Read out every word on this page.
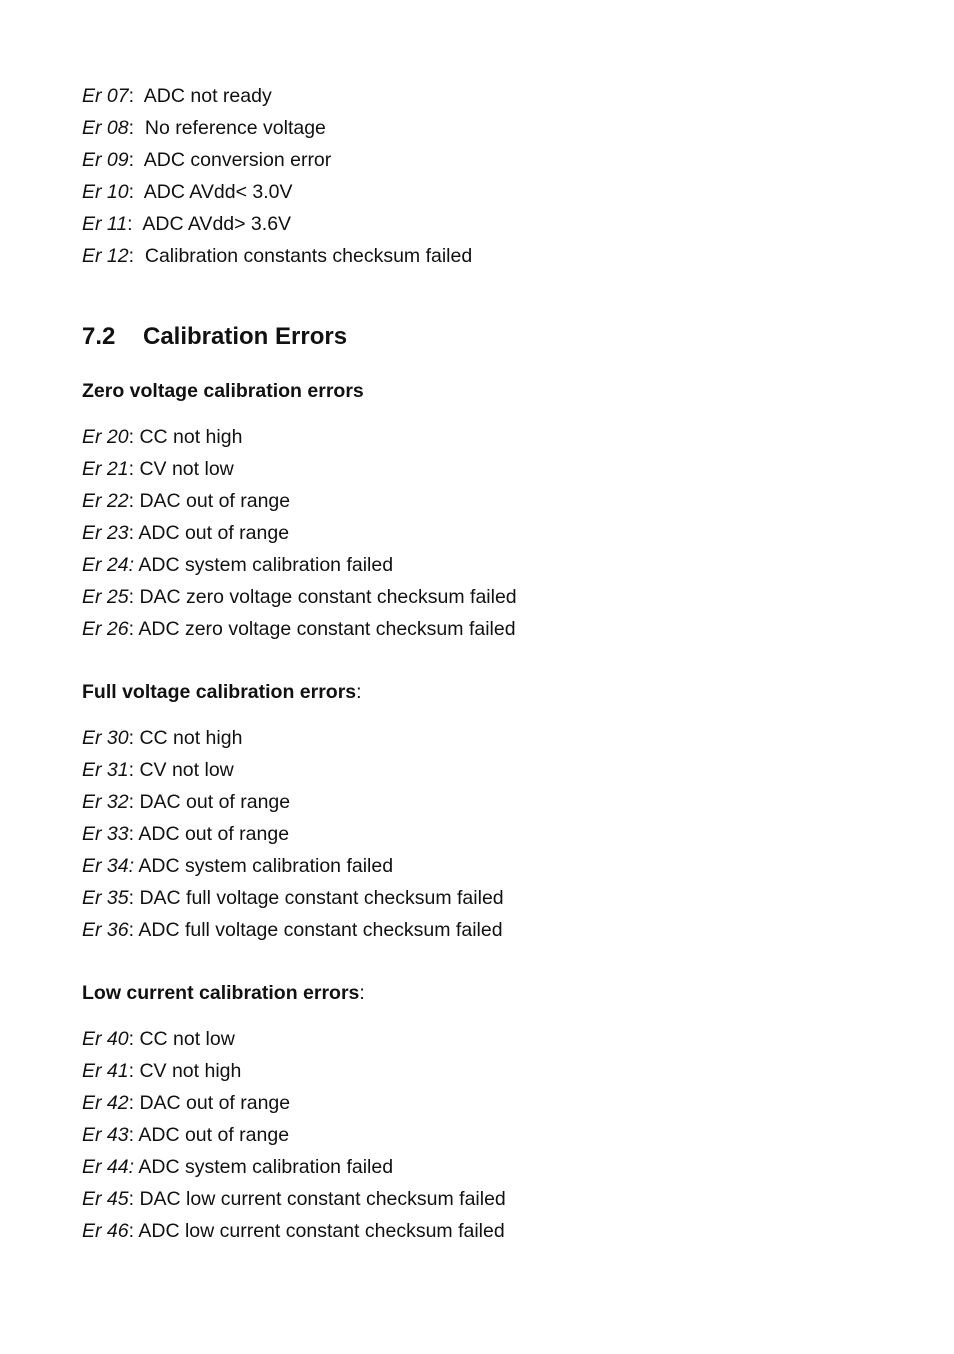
Er 07:  ADC not ready
Er 08:  No reference voltage
Er 09:  ADC conversion error
Er 10:  ADC AVdd< 3.0V
Er 11:  ADC AVdd> 3.6V
Er 12:  Calibration constants checksum failed
7.2 Calibration Errors
Zero voltage calibration errors
Er 20: CC not high
Er 21: CV not low
Er 22: DAC out of range
Er 23: ADC out of range
Er 24: ADC system calibration failed
Er 25: DAC zero voltage constant checksum failed
Er 26: ADC zero voltage constant checksum failed
Full voltage calibration errors:
Er 30: CC not high
Er 31: CV not low
Er 32: DAC out of range
Er 33: ADC out of range
Er 34: ADC system calibration failed
Er 35: DAC full voltage constant checksum failed
Er 36: ADC full voltage constant checksum failed
Low current calibration errors:
Er 40: CC not low
Er 41: CV not high
Er 42: DAC out of range
Er 43: ADC out of range
Er 44: ADC system calibration failed
Er 45: DAC low current constant checksum failed
Er 46: ADC low current constant checksum failed
